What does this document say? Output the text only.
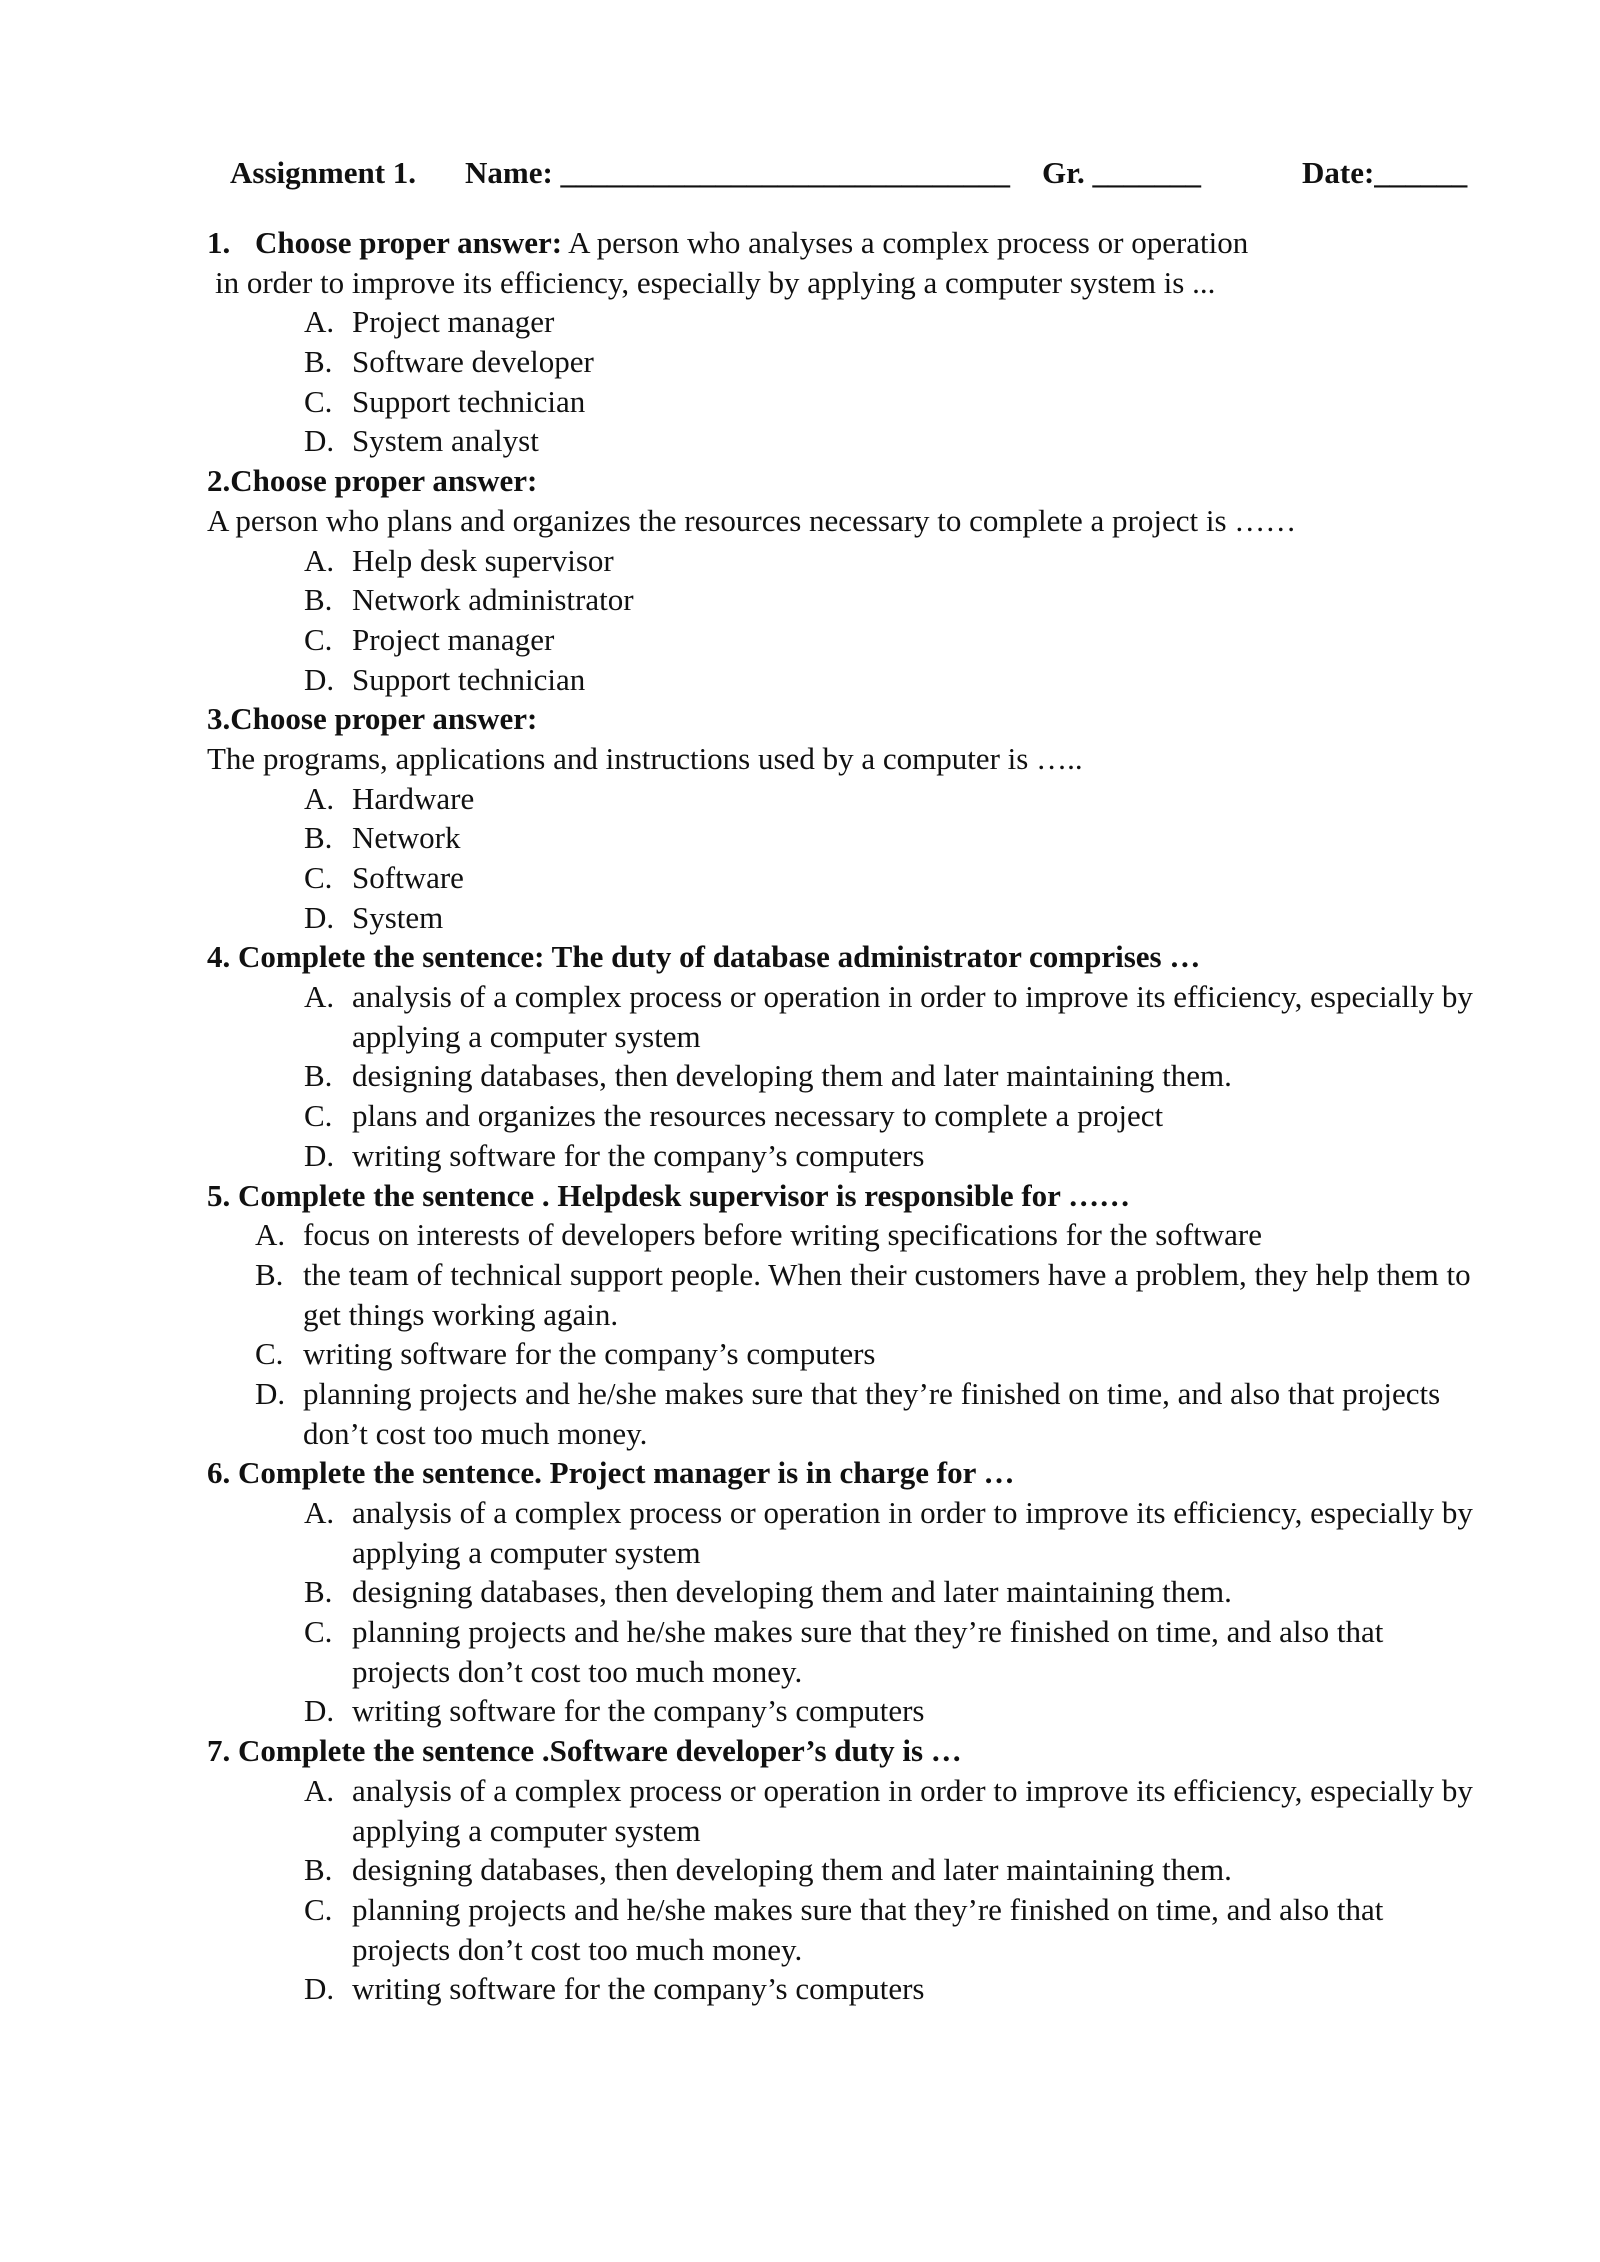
Assignment 1.

Name: _____________________________

Gr. _______

	Date:______

1. Choose proper answer: A person who analyses a complex process or operation
in order to improve its efficiency, especially by applying a computer system is ...
A. Project manager
B. Software developer
C. Support technician
D. System analyst
2.Choose proper answer:
A person who plans and organizes the resources necessary to complete a project is ……
A. Help desk supervisor
B. Network administrator
C. Project manager
D. Support technician
3.Choose proper answer:
The programs, applications and instructions used by a computer is …..
A. Hardware
B. Network
C. Software
D. System
4. Complete the sentence: The duty of database administrator comprises …
A. analysis of a complex process or operation in order to improve its efficiency, especially by
applying a computer system
B. designing databases, then developing them and later maintaining them.
C. plans and organizes the resources necessary to complete a project
D. writing software for the company’s computers
5. Complete the sentence . Helpdesk supervisor is responsible for ……
A. focus on interests of developers before writing specifications for the software
B. the team of technical support people. When their customers have a problem, they help them to
get things working again.
C. writing software for the company’s computers
D. planning projects and he/she makes sure that they’re finished on time, and also that projects
don’t cost too much money.
6. Complete the sentence. Project manager is in charge for …
A. analysis of a complex process or operation in order to improve its efficiency, especially by
applying a computer system
B. designing databases, then developing them and later maintaining them.
C. planning projects and he/she makes sure that they’re finished on time, and also that
projects don’t cost too much money.
D. writing software for the company’s computers
7. Complete the sentence .Software developer’s duty is …
A. analysis of a complex process or operation in order to improve its efficiency, especially by
applying a computer system
B. designing databases, then developing them and later maintaining them.
C. planning projects and he/she makes sure that they’re finished on time, and also that
projects don’t cost too much money.
D. writing software for the company’s computers
